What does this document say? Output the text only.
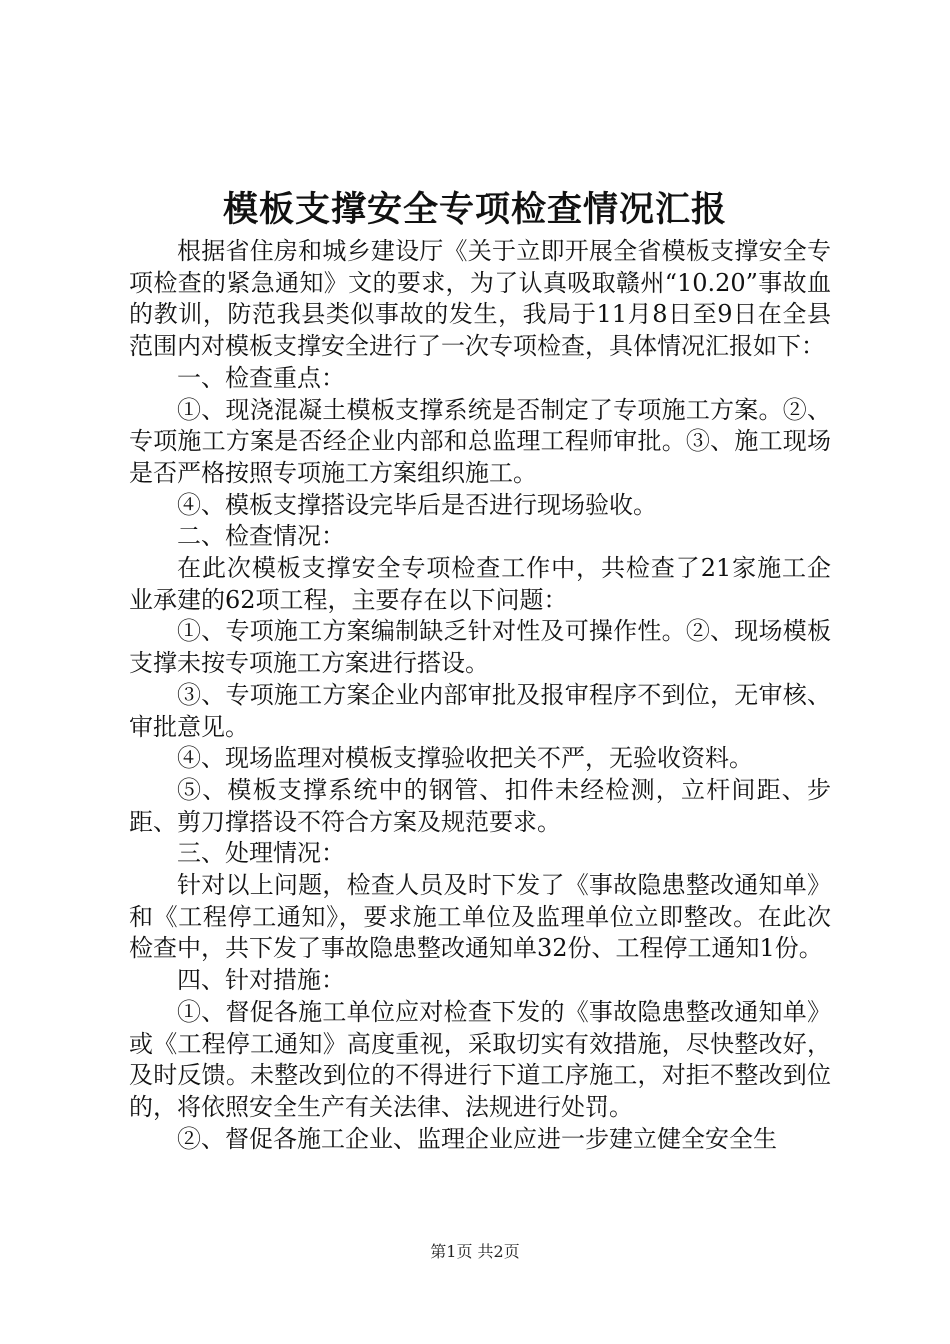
模板支撑安全专项检查情况汇报

根据省住房和城乡建设厅《关于立即开展全省模板支撑安全专项检查的紧急通知》文的要求，为了认真吸取赣州“10.20”事故血的教训，防范我县类似事故的发生，我局于11月8日至9日在全县范围内对模板支撑安全进行了一次专项检查，具体情况汇报如下：

一、检查重点：

①、现浇混凝土模板支撑系统是否制定了专项施工方案。②、专项施工方案是否经企业内部和总监理工程师审批。③、施工现场是否严格按照专项施工方案组织施工。

④、模板支撑搭设完毕后是否进行现场验收。

二、检查情况：

在此次模板支撑安全专项检查工作中，共检查了21家施工企业承建的62项工程，主要存在以下问题：

①、专项施工方案编制缺乏针对性及可操作性。②、现场模板支撑未按专项施工方案进行搭设。

③、专项施工方案企业内部审批及报审程序不到位，无审核、审批意见。

④、现场监理对模板支撑验收把关不严，无验收资料。

⑤、模板支撑系统中的钢管、扣件未经检测，立杆间距、步距、剪刀撑搭设不符合方案及规范要求。

三、处理情况：

针对以上问题，检查人员及时下发了《事故隐患整改通知单》和《工程停工通知》，要求施工单位及监理单位立即整改。在此次检查中，共下发了事故隐患整改通知单32份、工程停工通知1份。

四、针对措施：

①、督促各施工单位应对检查下发的《事故隐患整改通知单》或《工程停工通知》高度重视，采取切实有效措施，尽快整改好，及时反馈。未整改到位的不得进行下道工序施工，对拒不整改到位的，将依照安全生产有关法律、法规进行处罚。

②、督促各施工企业、监理企业应进一步建立健全安全生

第1页 共2页
